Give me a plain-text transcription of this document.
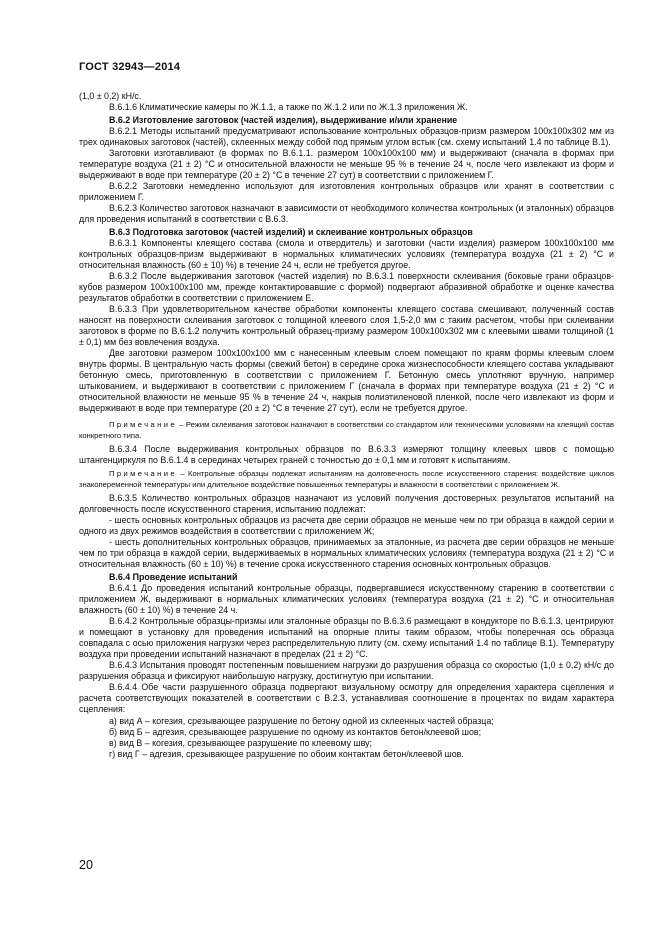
ГОСТ 32943—2014

(1,0 ± 0,2) кН/с.

В.6.1.6 Климатические камеры по Ж.1.1, а также по Ж.1.2 или по Ж.1.3 приложения Ж.

В.6.2 Изготовление заготовок (частей изделия), выдерживание и/или хранение

В.6.2.1 Методы испытаний предусматривают использование контрольных образцов-призм размером 100х100х302 мм из трех одинаковых заготовок (частей), склеенных между собой под прямым углом встык (см. схему испытаний 1.4 по таблице В.1).

Заготовки изготавливают (в формах по В.6.1.1. размером 100х100х100 мм) и выдерживают (сначала в формах при температуре воздуха (21 ± 2) °С и относительной влажности не меньше 95 % в течение 24 ч, после чего извлекают из форм и выдерживают в воде при температуре (20 ± 2) °С в течение 27 сут) в соответствии с приложением Г.

В.6.2.2 Заготовки немедленно используют для изготовления контрольных образцов или хранят в соответствии с приложением Г.

В.6.2.3 Количество заготовок назначают в зависимости от необходимого количества контрольных (и эталонных) образцов для проведения испытаний в соответствии с В.6.3.

В.6.3 Подготовка заготовок (частей изделий) и склеивание контрольных образцов

В.6.3.1 Компоненты клеящего состава (смола и отвердитель) и заготовки (части изделия) размером 100х100х100 мм контрольных образцов-призм выдерживают в нормальных климатических условиях (температура воздуха (21 ± 2) °С и относительная влажность (60 ± 10) %) в течение 24 ч, если не требуется другое.

В.6.3.2 После выдерживания заготовок (частей изделия) по В.6.3.1 поверхности склеивания (боковые грани образцов-кубов размером 100х100х100 мм, прежде контактировавшие с формой) подвергают абразивной обработке и оценке качества результатов обработки в соответствии с приложением Е.

В.6.3.3 При удовлетворительном качестве обработки компоненты клеящего состава смешивают, полученный состав наносят на поверхности склеивания заготовок с толщиной клеевого слоя 1,5-2,0 мм с таким расчетом, чтобы при склеивании заготовок в форме по В.6.1.2 получить контрольный образец-призму размером 100х100х302 мм с клеевыми швами толщиной (1 ± 0,1) мм без вовлечения воздуха.

Две заготовки размером 100х100х100 мм с нанесенным клеевым слоем помещают по краям формы клеевым слоем внутрь формы. В центральную часть формы (свежий бетон) в середине срока жизнеспособности клеящего состава укладывают бетонную смесь, приготовленную в соответствии с приложением Г. Бетонную смесь уплотняют вручную, например штыкованием, и выдерживают в соответствии с приложением Г (сначала в формах при температуре воздуха (21 ± 2) °С и относительной влажности не меньше 95 % в течение 24 ч, накрыв полиэтиленовой пленкой, после чего извлекают из форм и выдерживают в воде при температуре (20 ± 2) °С в течение 27 сут), если не требуется другое.

Примечание – Режим склеивания заготовок назначают в соответствии со стандартом или техническими условиями на клеящий состав конкретного типа.

В.6.3.4 После выдерживания контрольных образцов по В.6.3.3 измеряют толщину клеевых швов с помощью штангенциркуля по В.6.1.4 в серединах четырех граней с точностью до ± 0,1 мм и готовят к испытаниям.

Примечание – Контрольные образцы подлежат испытаниям на долговечность после искусственного старения: воздействие циклов знакопеременной температуры или длительное воздействие повышенных температуры и влажности в соответствии с приложением Ж.

В.6.3.5 Количество контрольных образцов назначают из условий получения достоверных результатов испытаний на долговечность после искусственного старения, испытанию подлежат:

- шесть основных контрольных образцов из расчета две серии образцов не меньше чем по три образца в каждой серии и одного из двух режимов воздействия в соответствии с приложением Ж;

- шесть дополнительных контрольных образцов, принимаемых за эталонные, из расчета две серии образцов не меньше чем по три образца в каждой серии, выдерживаемых в нормальных климатических условиях (температура воздуха (21 ± 2) °С и относительная влажность (60 ± 10) %) в течение срока искусственного старения основных контрольных образцов.

В.6.4 Проведение испытаний

В.6.4.1 До проведения испытаний контрольные образцы, подвергавшиеся искусственному старению в соответствии с приложением Ж, выдерживают в нормальных климатических условиях (температура воздуха (21 ± 2) °С и относительная влажность (60 ± 10) %) в течение 24 ч.

В.6.4.2 Контрольные образцы-призмы или эталонные образцы по В.6.3.6 размещают в кондукторе по В.6.1.3, центрируют и помещают в установку для проведения испытаний на опорные плиты таким образом, чтобы поперечная ось образца совпадала с осью приложения нагрузки через распределительную плиту (см. схему испытаний 1.4 по таблице В.1). Температуру воздуха при проведении испытаний назначают в пределах (21 ± 2) °С.

В.6.4.3 Испытания проводят постепенным повышением нагрузки до разрушения образца со скоростью (1,0 ± 0,2) кН/с до разрушения образца и фиксируют наибольшую нагрузку, достигнутую при испытании.

В.6.4.4 Обе части разрушенного образца подвергают визуальному осмотру для определения характера сцепления и расчета соответствующих показателей в соответствии с В.2.3, устанавливая соотношение в процентах по видам характера сцепления:

а) вид А – когезия, срезывающее разрушение по бетону одной из склеенных частей образца;

б) вид Б – адгезия, срезывающее разрушение по одному из контактов бетон/клеевой шов;

в) вид В – когезия, срезывающее разрушение по клеевому шву;

г) вид Г – адгезия, срезывающее разрушение по обоим контактам бетон/клеевой шов.

20
